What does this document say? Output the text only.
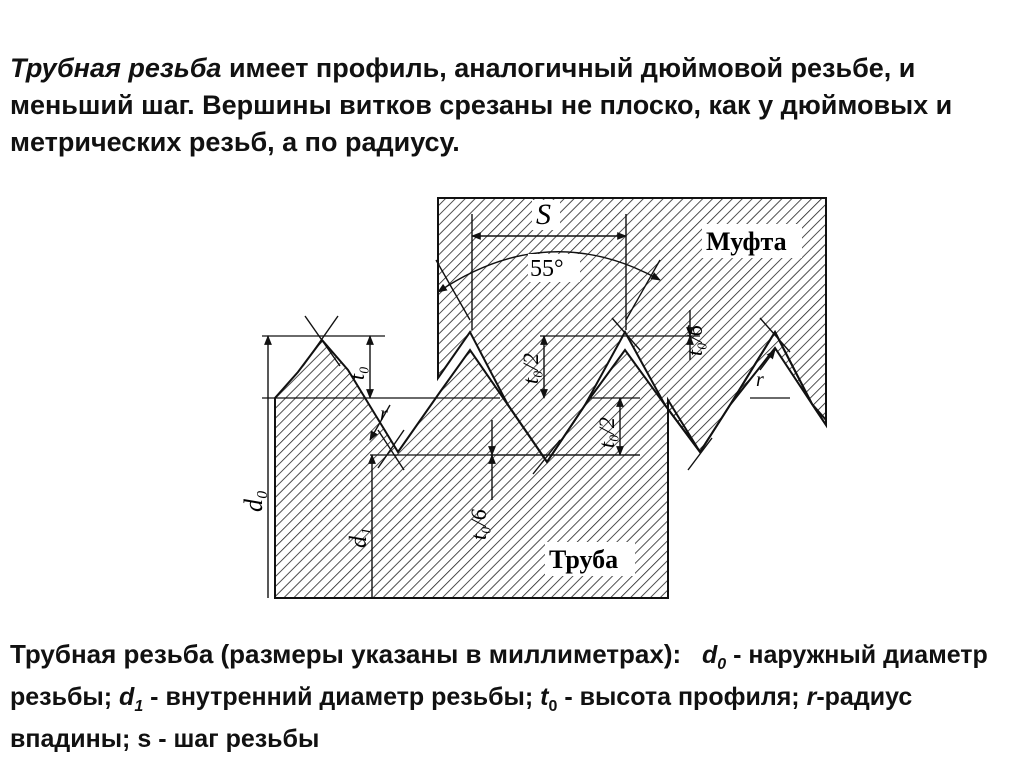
Трубная резьба имеет профиль, аналогичный дюймовой резьбе, и меньший шаг. Вершины витков срезаны не плоско, как у дюймовых и метрических резьб, а по радиусу.

S
55°
Муфта
Труба
d₀
d₁
t₀
r
r
t₀/2
t₀/2
t₀/6
t₀/6

Трубная резьба (размеры указаны в миллиметрах): $d_0$ - наружный диаметр резьбы; $d_1$ - внутренний диаметр резьбы; $t_0$ - высота профиля; r-радиус впадины; s - шаг резьбы
